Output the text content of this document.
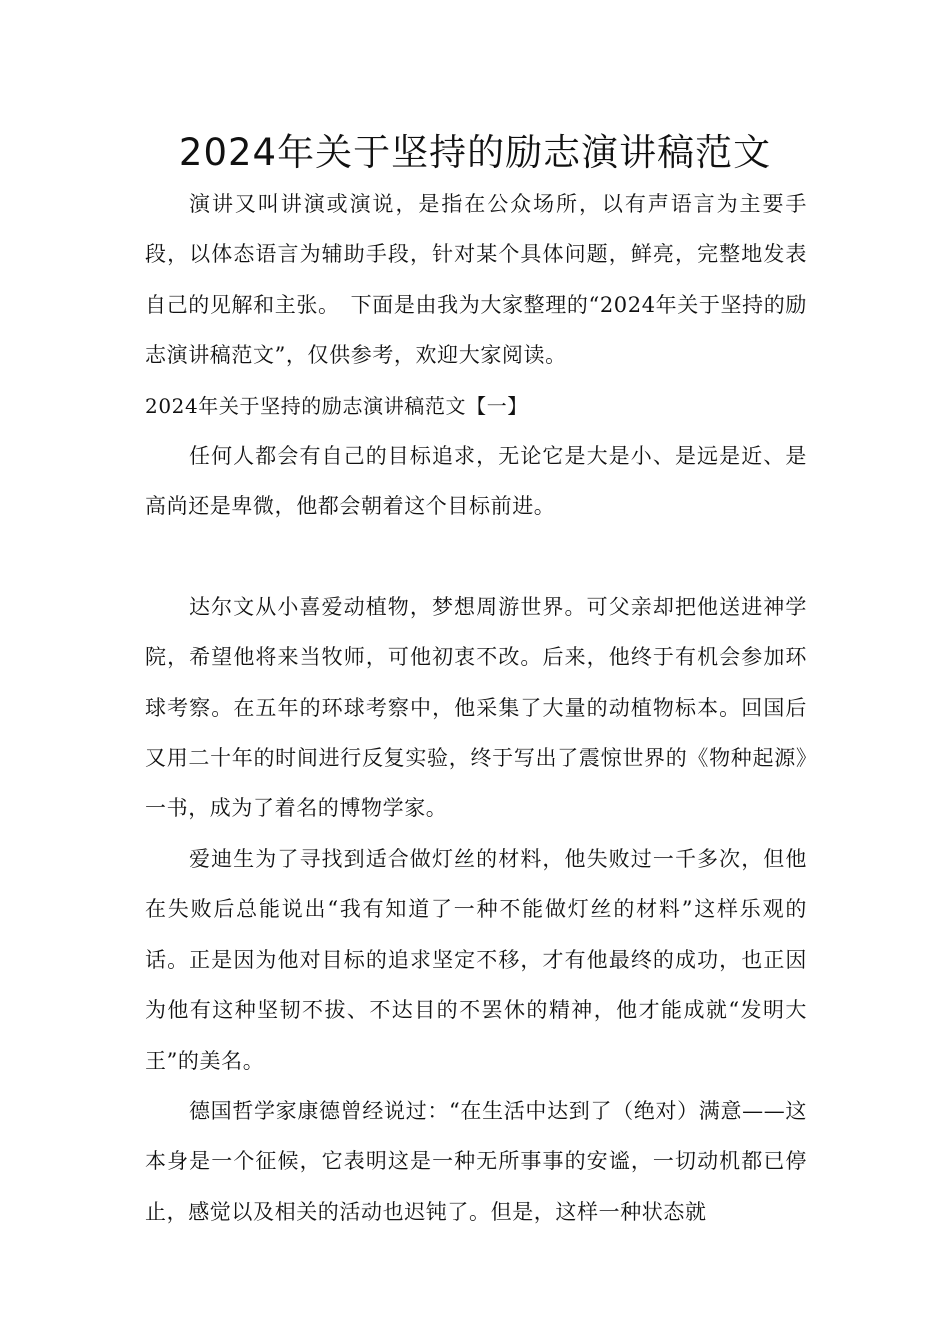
2024年关于坚持的励志演讲稿范文

演讲又叫讲演或演说，是指在公众场所，以有声语言为主要手段，以体态语言为辅助手段，针对某个具体问题，鲜亮，完整地发表自己的见解和主张。　下面是由我为大家整理的“2024年关于坚持的励志演讲稿范文”，仅供参考，欢迎大家阅读。

2024年关于坚持的励志演讲稿范文【一】

任何人都会有自己的目标追求，无论它是大是小、是远是近、是高尚还是卑微，他都会朝着这个目标前进。

达尔文从小喜爱动植物，梦想周游世界。可父亲却把他送进神学院，希望他将来当牧师，可他初衷不改。后来，他终于有机会参加环球考察。在五年的环球考察中，他采集了大量的动植物标本。回国后又用二十年的时间进行反复实验，终于写出了震惊世界的《物种起源》一书，成为了着名的博物学家。

爱迪生为了寻找到适合做灯丝的材料，他失败过一千多次，但他在失败后总能说出“我有知道了一种不能做灯丝的材料”这样乐观的话。正是因为他对目标的追求坚定不移，才有他最终的成功，也正因为他有这种坚韧不拔、不达目的不罢休的精神，他才能成就“发明大王”的美名。

德国哲学家康德曾经说过：“在生活中达到了（绝对）满意——这本身是一个征候，它表明这是一种无所事事的安谧，一切动机都已停止，感觉以及相关的活动也迟钝了。但是，这样一种状态就
